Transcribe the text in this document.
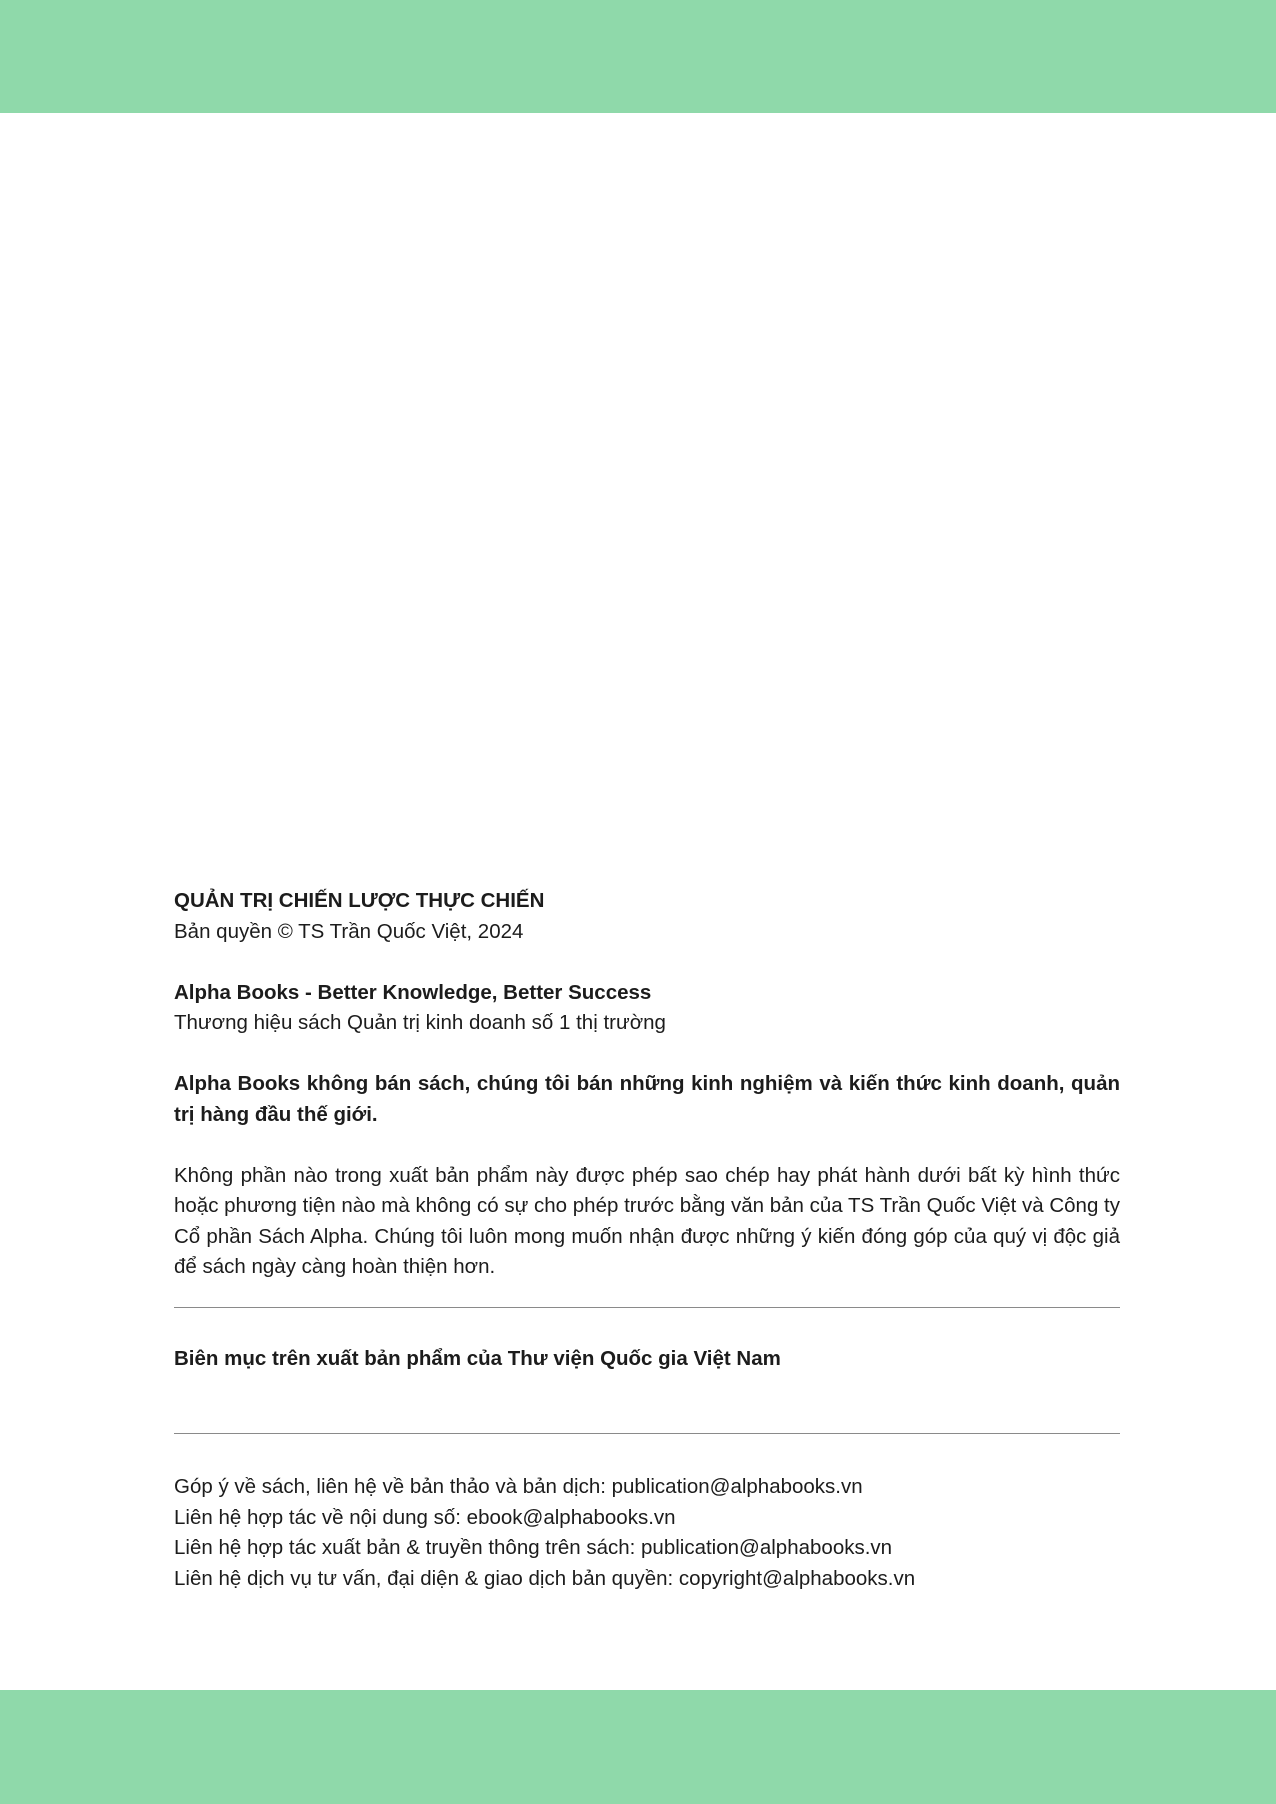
QUẢN TRỊ CHIẾN LƯỢC THỰC CHIẾN

Bản quyền © TS Trần Quốc Việt, 2024

Alpha Books - Better Knowledge, Better Success

Thương hiệu sách Quản trị kinh doanh số 1 thị trường

Alpha Books không bán sách, chúng tôi bán những kinh nghiệm và kiến thức kinh doanh, quản trị hàng đầu thế giới.

Không phần nào trong xuất bản phẩm này được phép sao chép hay phát hành dưới bất kỳ hình thức hoặc phương tiện nào mà không có sự cho phép trước bằng văn bản của TS Trần Quốc Việt và Công ty Cổ phần Sách Alpha. Chúng tôi luôn mong muốn nhận được những ý kiến đóng góp của quý vị độc giả để sách ngày càng hoàn thiện hơn.

Biên mục trên xuất bản phẩm của Thư viện Quốc gia Việt Nam

Góp ý về sách, liên hệ về bản thảo và bản dịch: publication@alphabooks.vn

Liên hệ hợp tác về nội dung số: ebook@alphabooks.vn

Liên hệ hợp tác xuất bản & truyền thông trên sách: publication@alphabooks.vn

Liên hệ dịch vụ tư vấn, đại diện & giao dịch bản quyền: copyright@alphabooks.vn
